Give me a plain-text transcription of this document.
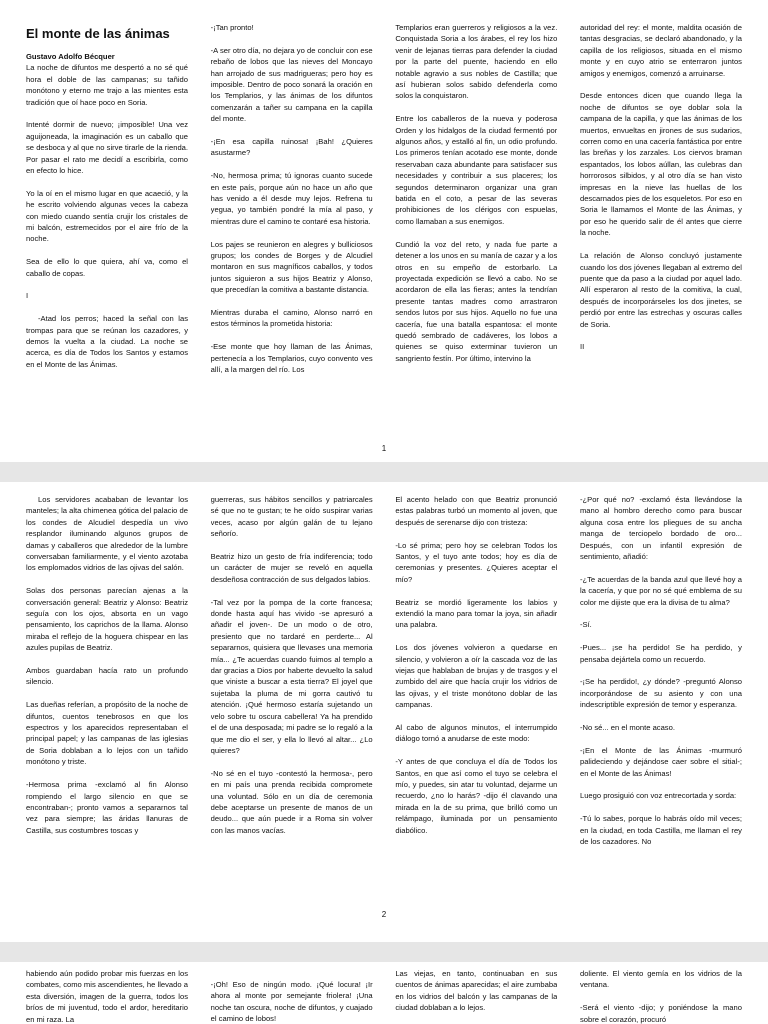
El monte de las ánimas

Gustavo Adolfo Bécquer

La noche de difuntos me despertó a no sé qué hora el doble de las campanas; su tañido monótono y eterno me trajo a las mientes esta tradición que oí hace poco en Soria.

Intenté dormir de nuevo; ¡imposible! Una vez aguijoneada, la imaginación es un caballo que se desboca y al que no sirve tirarle de la rienda. Por pasar el rato me decidí a escribirla, como en efecto lo hice.

Yo la oí en el mismo lugar en que acaeció, y la he escrito volviendo algunas veces la cabeza con miedo cuando sentía crujir los cristales de mi balcón, estremecidos por el aire frío de la noche.

Sea de ello lo que quiera, ahí va, como el caballo de copas.

I

-Atad los perros; haced la señal con las trompas para que se reúnan los cazadores, y demos la vuelta a la ciudad. La noche se acerca, es día de Todos los Santos y estamos en el Monte de las Ánimas.

-¡Tan pronto!

-A ser otro día, no dejara yo de concluir con ese rebaño de lobos que las nieves del Moncayo han arrojado de sus madrigueras; pero hoy es imposible. Dentro de poco sonará la oración en los Templarios, y las ánimas de los difuntos comenzarán a tañer su campana en la capilla del monte.

-¡En esa capilla ruinosa! ¡Bah! ¿Quieres asustarme?

-No, hermosa prima; tú ignoras cuanto sucede en este país, porque aún no hace un año que has venido a él desde muy lejos. Refrena tu yegua, yo también pondré la mía al paso, y mientras dure el camino te contaré esa historia.

Los pajes se reunieron en alegres y bulliciosos grupos; los condes de Borges y de Alcudiel montaron en sus magníficos caballos, y todos juntos siguieron a sus hijos Beatriz y Alonso, que precedían la comitiva a bastante distancia.

Mientras duraba el camino, Alonso narró en estos términos la prometida historia:

-Ese monte que hoy llaman de las Ánimas, pertenecía a los Templarios, cuyo convento ves allí, a la margen del río. Los

Templarios eran guerreros y religiosos a la vez. Conquistada Soria a los árabes, el rey los hizo venir de lejanas tierras para defender la ciudad por la parte del puente, haciendo en ello notable agravio a sus nobles de Castilla; que así hubieran solos sabido defenderla como solos la conquistaron.

Entre los caballeros de la nueva y poderosa Orden y los hidalgos de la ciudad fermentó por algunos años, y estalló al fin, un odio profundo. Los primeros tenían acotado ese monte, donde reservaban caza abundante para satisfacer sus necesidades y contribuir a sus placeres; los segundos determinaron organizar una gran batida en el coto, a pesar de las severas prohibiciones de los clérigos con espuelas, como llamaban a sus enemigos.

Cundió la voz del reto, y nada fue parte a detener a los unos en su manía de cazar y a los otros en su empeño de estorbarlo. La proyectada expedición se llevó a cabo. No se acordaron de ella las fieras; antes la tendrían presente tantas madres como arrastraron sendos lutos por sus hijos. Aquello no fue una cacería, fue una batalla espantosa: el monte quedó sembrado de cadáveres, los lobos a quienes se quiso exterminar tuvieron un sangriento festín. Por último, intervino la

autoridad del rey: el monte, maldita ocasión de tantas desgracias, se declaró abandonado, y la capilla de los religiosos, situada en el mismo monte y en cuyo atrio se enterraron juntos amigos y enemigos, comenzó a arruinarse.

Desde entonces dicen que cuando llega la noche de difuntos se oye doblar sola la campana de la capilla, y que las ánimas de los muertos, envueltas en jirones de sus sudarios, corren como en una cacería fantástica por entre las breñas y los zarzales. Los ciervos braman espantados, los lobos aúllan, las culebras dan horrorosos silbidos, y al otro día se han visto impresas en la nieve las huellas de los descarnados pies de los esqueletos. Por eso en Soria le llamamos el Monte de las Ánimas, y por eso he querido salir de él antes que cierre la noche.

La relación de Alonso concluyó justamente cuando los dos jóvenes llegaban al extremo del puente que da paso a la ciudad por aquel lado. Allí esperaron al resto de la comitiva, la cual, después de incorporárseles los dos jinetes, se perdió por entre las estrechas y oscuras calles de Soria.

II

1

Los servidores acababan de levantar los manteles; la alta chimenea gótica del palacio de los condes de Alcudiel despedía un vivo resplandor iluminando algunos grupos de damas y caballeros que alrededor de la lumbre conversaban familiarmente, y el viento azotaba los emplomados vidrios de las ojivas del salón.

Solas dos personas parecían ajenas a la conversación general: Beatriz y Alonso: Beatriz seguía con los ojos, absorta en un vago pensamiento, los caprichos de la llama. Alonso miraba el reflejo de la hoguera chispear en las azules pupilas de Beatriz.

Ambos guardaban hacía rato un profundo silencio.

Las dueñas referían, a propósito de la noche de difuntos, cuentos tenebrosos en que los espectros y los aparecidos representaban el principal papel; y las campanas de las iglesias de Soria doblaban a lo lejos con un tañido monótono y triste.

-Hermosa prima -exclamó al fin Alonso rompiendo el largo silencio en que se encontraban-; pronto vamos a separarnos tal vez para siempre; las áridas llanuras de Castilla, sus costumbres toscas y

guerreras, sus hábitos sencillos y patriarcales sé que no te gustan; te he oído suspirar varias veces, acaso por algún galán de tu lejano señorío.

Beatriz hizo un gesto de fría indiferencia; todo un carácter de mujer se reveló en aquella desdeñosa contracción de sus delgados labios.

-Tal vez por la pompa de la corte francesa; donde hasta aquí has vivido -se apresuró a añadir el joven-. De un modo o de otro, presiento que no tardaré en perderte... Al separarnos, quisiera que llevases una memoria mía... ¿Te acuerdas cuando fuimos al templo a dar gracias a Dios por haberte devuelto la salud que viniste a buscar a esta tierra? El joyel que sujetaba la pluma de mi gorra cautivó tu atención. ¡Qué hermoso estaría sujetando un velo sobre tu oscura cabellera! Ya ha prendido el de una desposada; mi padre se lo regaló a la que me dio el ser, y ella lo llevó al altar... ¿Lo quieres?

-No sé en el tuyo -contestó la hermosa-, pero en mi país una prenda recibida compromete una voluntad. Sólo en un día de ceremonia debe aceptarse un presente de manos de un deudo... que aún puede ir a Roma sin volver con las manos vacías.

El acento helado con que Beatriz pronunció estas palabras turbó un momento al joven, que después de serenarse dijo con tristeza:

-Lo sé prima; pero hoy se celebran Todos los Santos, y el tuyo ante todos; hoy es día de ceremonias y presentes. ¿Quieres aceptar el mío?

Beatriz se mordió ligeramente los labios y extendió la mano para tomar la joya, sin añadir una palabra.

Los dos jóvenes volvieron a quedarse en silencio, y volvieron a oír la cascada voz de las viejas que hablaban de brujas y de trasgos y el zumbido del aire que hacía crujir los vidrios de las ojivas, y el triste monótono doblar de las campanas.

Al cabo de algunos minutos, el interrumpido diálogo tornó a anudarse de este modo:

-Y antes de que concluya el día de Todos los Santos, en que así como el tuyo se celebra el mío, y puedes, sin atar tu voluntad, dejarme un recuerdo, ¿no lo harás? -dijo él clavando una mirada en la de su prima, que brilló como un relámpago, iluminada por un pensamiento diabólico.

-¿Por qué no? -exclamó ésta llevándose la mano al hombro derecho como para buscar alguna cosa entre los pliegues de su ancha manga de terciopelo bordado de oro... Después, con un infantil expresión de sentimiento, añadió:

-¿Te acuerdas de la banda azul que llevé hoy a la cacería, y que por no sé qué emblema de su color me dijiste que era la divisa de tu alma?

-Sí.

-Pues... ¡se ha perdido! Se ha perdido, y pensaba dejártela como un recuerdo.

-¡Se ha perdido!, ¿y dónde? -preguntó Alonso incorporándose de su asiento y con una indescriptible expresión de temor y esperanza.

-No sé... en el monte acaso.

-¡En el Monte de las Ánimas -murmuró palideciendo y dejándose caer sobre el sitial-; en el Monte de las Ánimas!

Luego prosiguió con voz entrecortada y sorda:

-Tú lo sabes, porque lo habrás oído mil veces; en la ciudad, en toda Castilla, me llaman el rey de los cazadores. No

2

habiendo aún podido probar mis fuerzas en los combates, como mis ascendientes, he llevado a esta diversión, imagen de la guerra, todos los bríos de mi juventud, todo el ardor, hereditario en mi raza. La

-¡Oh! Eso de ningún modo. ¡Qué locura! ¡Ir ahora al monte por semejante friolera! ¡Una noche tan oscura, noche de difuntos, y cuajado el camino de lobos!

Las viejas, en tanto, continuaban en sus cuentos de ánimas aparecidas; el aire zumbaba en los vidrios del balcón y las campanas de la ciudad doblaban a lo lejos.

doliente. El viento gemía en los vidrios de la ventana.

-Será el viento -dijo; y poniéndose la mano sobre el corazón, procuró
